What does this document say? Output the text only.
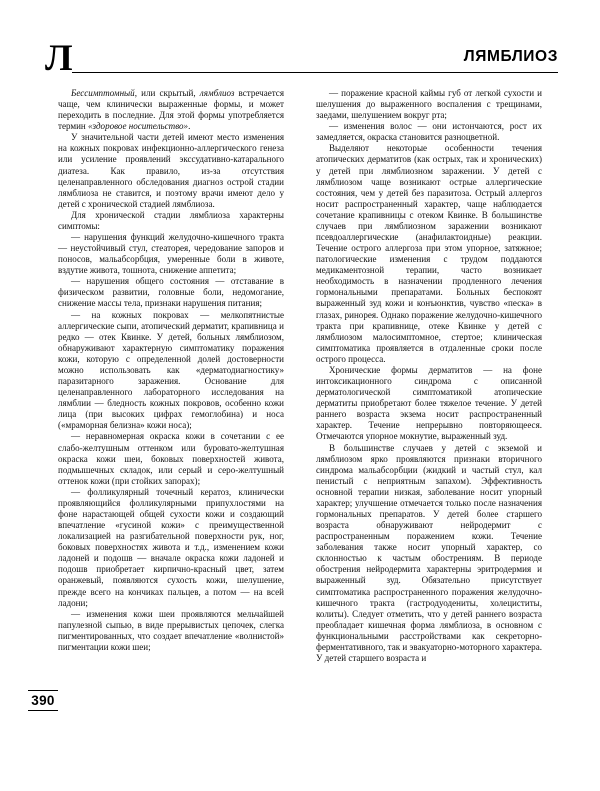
Л	ЛЯМБЛИОЗ

Бессимптомный, или скрытый, лямблиоз встречается чаще, чем клинически выраженные формы, и может переходить в последние. Для этой формы употребляется термин «здоровое носительство».

У значительной части детей имеют место изменения на кожных покровах инфекционно-аллергического генеза или усиление проявлений экссудативно-катарального диатеза. Как правило, из-за отсутствия целенаправленного обследования диагноз острой стадии лямблиоза не ставится, и поэтому врачи имеют дело у детей с хронической стадией лямблиоза.

Для хронической стадии лямблиоза характерны симптомы:

— нарушения функций желудочно-кишечного тракта — неустойчивый стул, стеаторея, чередование запоров и поносов, мальабсорбция, умеренные боли в животе, вздутие живота, тошнота, снижение аппетита;

— нарушения общего состояния — отставание в физическом развитии, головные боли, недомогание, снижение массы тела, признаки нарушения питания;

— на кожных покровах — мелкопятнистые аллергические сыпи, атопический дерматит, крапивница и редко — отек Квинке. У детей, больных лямблиозом, обнаруживают характерную симптоматику поражения кожи, которую с определенной долей достоверности можно использовать как «дерматодиагностику» паразитарного заражения. Основание для целенаправленного лабораторного исследования на лямблии — бледность кожных покровов, особенно кожи лица (при высоких цифрах гемоглобина) и носа («мраморная белизна» кожи носа);

— неравномерная окраска кожи в сочетании с ее слабо-желтушным оттенком или буровато-желтушная окраска кожи шеи, боковых поверхностей живота, подмышечных складок, или серый и серо-желтушный оттенок кожи (при стойких запорах);

— фолликулярный точечный кератоз, клинически проявляющийся фолликулярными припухлостями на фоне нарастающей общей сухости кожи и создающий впечатление «гусиной кожи» с преимущественной локализацией на разгибательной поверхности рук, ног, боковых поверхностях живота и т.д., изменением кожи ладоней и подошв — вначале окраска кожи ладоней и подошв приобретает кирпично-красный цвет, затем оранжевый, появляются сухость кожи, шелушение, прежде всего на кончиках пальцев, а потом — на всей ладони;

— изменения кожи шеи проявляются мельчайшей папулезной сыпью, в виде прерывистых цепочек, слегка пигментированных, что создает впечатление «волнистой» пигментации кожи шеи;

— поражение красной каймы губ от легкой сухости и шелушения до выраженного воспаления с трещинами, заедами, шелушением вокруг рта;

— изменения волос — они истончаются, рост их замедляется, окраска становится разноцветной.

Выделяют некоторые особенности течения атопических дерматитов (как острых, так и хронических) у детей при лямблиозном заражении. У детей с лямблиозом чаще возникают острые аллергические состояния, чем у детей без паразитоза. Острый аллергоз носит распространенный характер, чаще наблюдается сочетание крапивницы с отеком Квинке. В большинстве случаев при лямблиозном заражении возникают псевдоаллергические (анафилактоидные) реакции. Течение острого аллергоза при этом упорное, затяжное; патологические изменения с трудом поддаются медикаментозной терапии, часто возникает необходимость в назначении продленного лечения гормональными препаратами. Больных беспокоят выраженный зуд кожи и конъюнктив, чувство «песка» в глазах, ринорея. Однако поражение желудочно-кишечного тракта при крапивнице, отеке Квинке у детей с лямблиозом малосимптомное, стертое; клиническая симптоматика проявляется в отдаленные сроки после острого процесса.

Хронические формы дерматитов — на фоне интоксикационного синдрома с описанной дерматологической симптоматикой атопические дерматиты приобретают более тяжелое течение. У детей раннего возраста экзема носит распространенный характер. Течение непрерывно повторяющееся. Отмечаются упорное мокнутие, выраженный зуд.

В большинстве случаев у детей с экземой и лямблиозом ярко проявляются признаки вторичного синдрома мальабсорбции (жидкий и частый стул, кал пенистый с неприятным запахом). Эффективность основной терапии низкая, заболевание носит упорный характер; улучшение отмечается только после назначения гормональных препаратов. У детей более старшего возраста обнаруживают нейродермит с распространенным поражением кожи. Течение заболевания также носит упорный характер, со склонностью к частым обострениям. В периоде обострения нейродермита характерны эритродермия и выраженный зуд. Обязательно присутствует симптоматика распространенного поражения желудочно-кишечного тракта (гастродуодениты, холециститы, колиты). Следует отметить, что у детей раннего возраста преобладает кишечная форма лямблиоза, в основном с функциональными расстройствами как секреторно-ферментативного, так и эвакуаторно-моторного характера. У детей старшего возраста и

390
